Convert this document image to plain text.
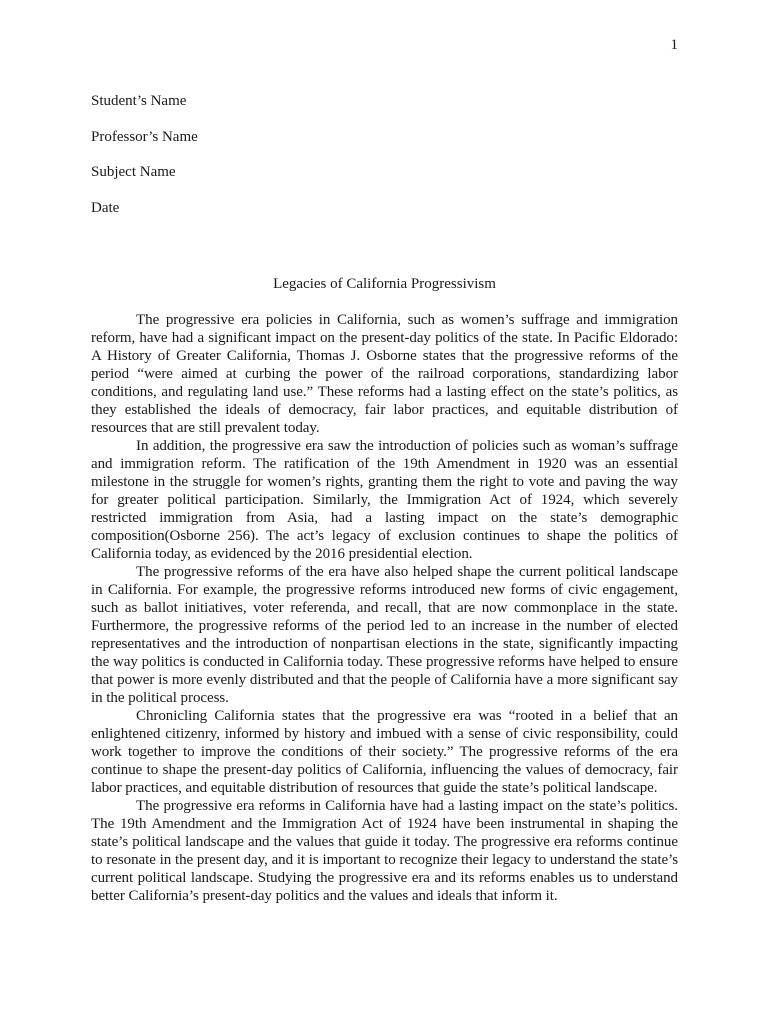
1
Student’s Name
Professor’s Name
Subject Name
Date
Legacies of California Progressivism

The progressive era policies in California, such as women’s suffrage and immigration reform, have had a significant impact on the present-day politics of the state. In Pacific Eldorado: A History of Greater California, Thomas J. Osborne states that the progressive reforms of the period “were aimed at curbing the power of the railroad corporations, standardizing labor conditions, and regulating land use.” These reforms had a lasting effect on the state’s politics, as they established the ideals of democracy, fair labor practices, and equitable distribution of resources that are still prevalent today.

In addition, the progressive era saw the introduction of policies such as woman’s suffrage and immigration reform. The ratification of the 19th Amendment in 1920 was an essential milestone in the struggle for women’s rights, granting them the right to vote and paving the way for greater political participation. Similarly, the Immigration Act of 1924, which severely restricted immigration from Asia, had a lasting impact on the state’s demographic composition(Osborne 256). The act’s legacy of exclusion continues to shape the politics of California today, as evidenced by the 2016 presidential election.

The progressive reforms of the era have also helped shape the current political landscape in California. For example, the progressive reforms introduced new forms of civic engagement, such as ballot initiatives, voter referenda, and recall, that are now commonplace in the state. Furthermore, the progressive reforms of the period led to an increase in the number of elected representatives and the introduction of nonpartisan elections in the state, significantly impacting the way politics is conducted in California today. These progressive reforms have helped to ensure that power is more evenly distributed and that the people of California have a more significant say in the political process.

Chronicling California states that the progressive era was “rooted in a belief that an enlightened citizenry, informed by history and imbued with a sense of civic responsibility, could work together to improve the conditions of their society.” The progressive reforms of the era continue to shape the present-day politics of California, influencing the values of democracy, fair labor practices, and equitable distribution of resources that guide the state’s political landscape.

The progressive era reforms in California have had a lasting impact on the state’s politics. The 19th Amendment and the Immigration Act of 1924 have been instrumental in shaping the state’s political landscape and the values that guide it today. The progressive era reforms continue to resonate in the present day, and it is important to recognize their legacy to understand the state’s current political landscape. Studying the progressive era and its reforms enables us to understand better California’s present-day politics and the values and ideals that inform it.
